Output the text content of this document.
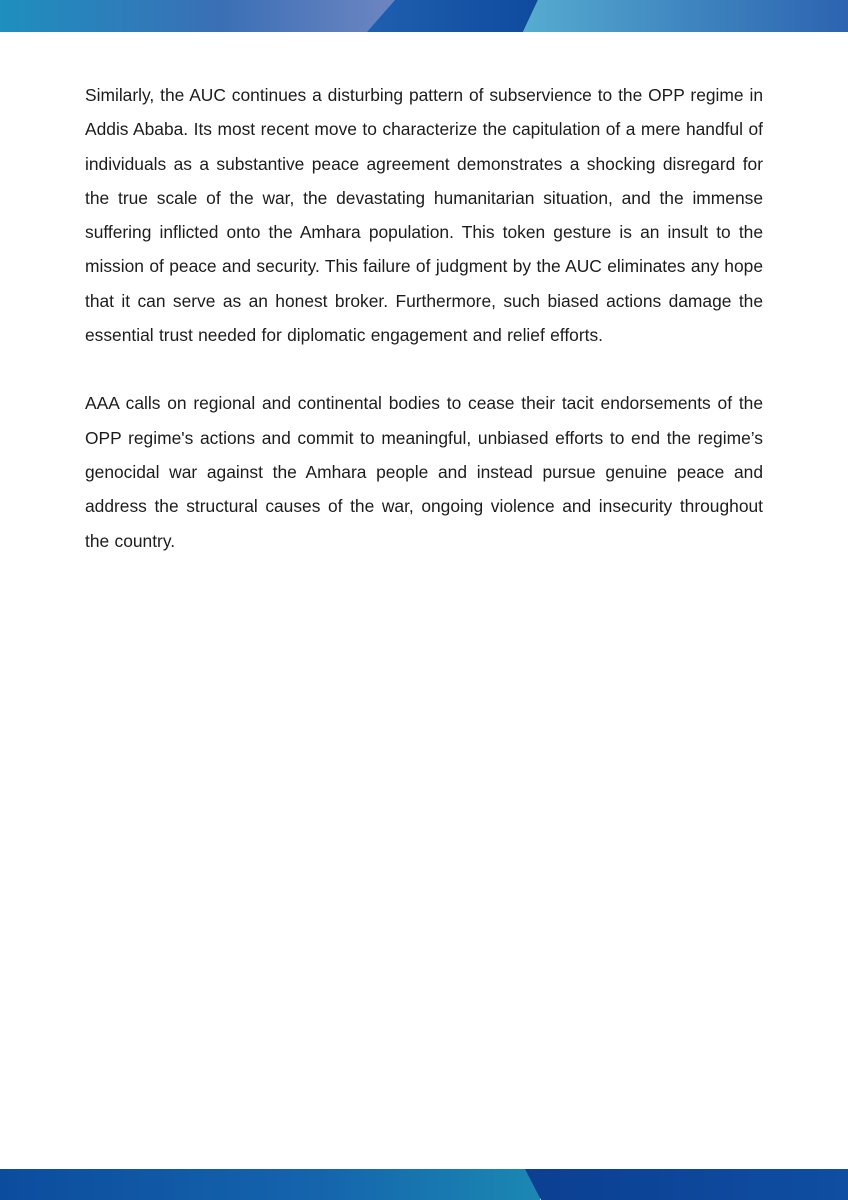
Similarly, the AUC continues a disturbing pattern of subservience to the OPP regime in Addis Ababa. Its most recent move to characterize the capitulation of a mere handful of individuals as a substantive peace agreement demonstrates a shocking disregard for the true scale of the war, the devastating humanitarian situation, and the immense suffering inflicted onto the Amhara population. This token gesture is an insult to the mission of peace and security. This failure of judgment by the AUC eliminates any hope that it can serve as an honest broker. Furthermore, such biased actions damage the essential trust needed for diplomatic engagement and relief efforts.

AAA calls on regional and continental bodies to cease their tacit endorsements of the OPP regime's actions and commit to meaningful, unbiased efforts to end the regime’s genocidal war against the Amhara people and instead pursue genuine peace and address the structural causes of the war, ongoing violence and insecurity throughout the country.
